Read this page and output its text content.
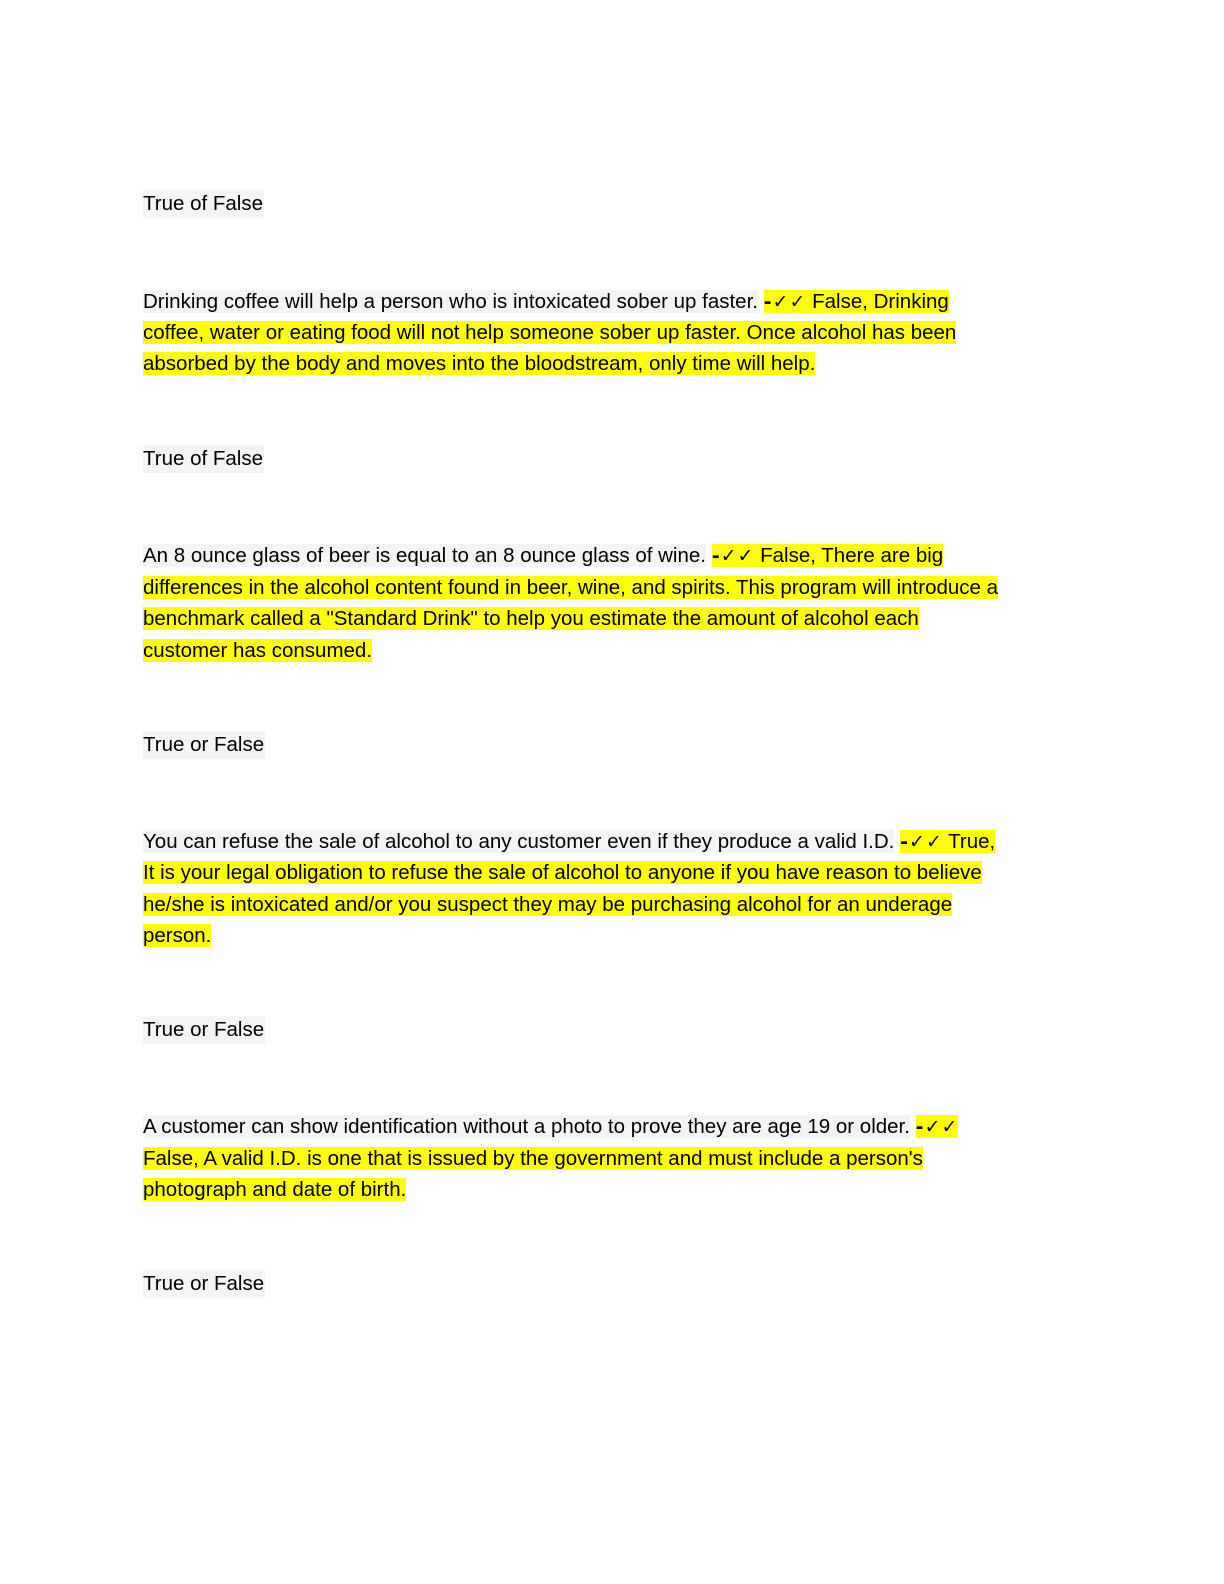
True of False

Drinking coffee will help a person who is intoxicated sober up faster. -✓✓ False, Drinking

coffee, water or eating food will not help someone sober up faster. Once alcohol has been

absorbed by the body and moves into the bloodstream, only time will help.

True of False

An 8 ounce glass of beer is equal to an 8 ounce glass of wine. -✓✓ False, There are big

differences in the alcohol content found in beer, wine, and spirits. This program will introduce a

benchmark called a "Standard Drink" to help you estimate the amount of alcohol each

customer has consumed.

True or False

You can refuse the sale of alcohol to any customer even if they produce a valid I.D. -✓✓ True,

It is your legal obligation to refuse the sale of alcohol to anyone if you have reason to believe

he/she is intoxicated and/or you suspect they may be purchasing alcohol for an underage

person.

True or False

A customer can show identification without a photo to prove they are age 19 or older. -✓✓

False, A valid I.D. is one that is issued by the government and must include a person's

photograph and date of birth.

True or False
